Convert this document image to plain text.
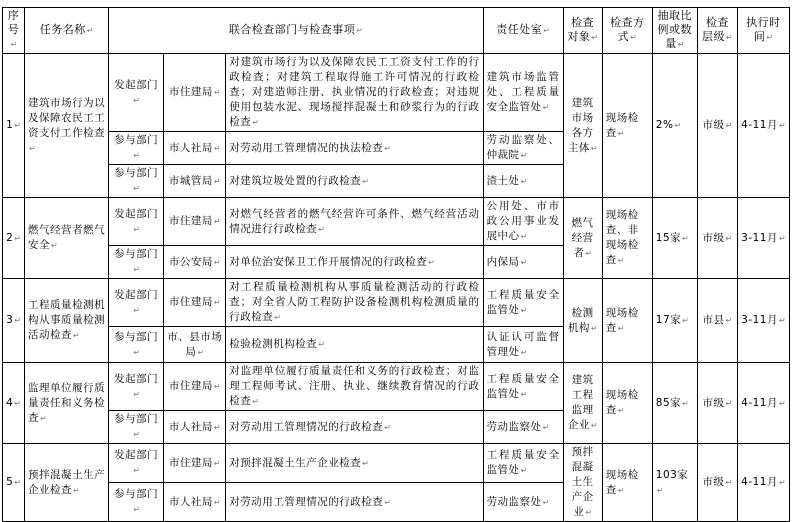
序号 ↵	任务名称 ↵	联合检查部门与检查事项 ↵			责任处室 ↵	检查对象 ↵	检查方式 ↵	抽取比例或数量 ↵	检查层级 ↵	执行时间 ↵
1 ↵	建筑市场行为以及保障农民工工资支付工作检查 ↵	发起部门 ↵	市住建局 ↵	对建筑市场行为以及保障农民工工资支付工作的行政检查；对建筑工程取得施工许可情况的行政检查；对建造师注册、执业情况的行政检查；对违规使用包装水泥、现场搅拌混凝土和砂浆行为的行政检查 ↵	建筑市场监管处、工程质量安全监管处 ↵	建筑市场各方主体 ↵	现场检查 ↵	2% ↵	市级 ↵	4-11月 ↵
		参与部门 ↵	市人社局 ↵	对劳动用工管理情况的执法检查 ↵	劳动监察处、仲裁院 ↵
		参与部门 ↵	市城管局 ↵	对建筑垃圾处置的行政检查 ↵	渣土处 ↵
2 ↵	燃气经营者燃气安全 ↵	发起部门 ↵	市住建局 ↵	对燃气经营者的燃气经营许可条件、燃气经营活动情况进行行政检查 ↵	公用处、市市政公用事业发展中心 ↵	燃气经营者 ↵	现场检查、非现场检查 ↵	15家 ↵	市级 ↵	3-11月 ↵
		参与部门 ↵	市公安局 ↵	对单位治安保卫工作开展情况的行政检查 ↵	内保局 ↵
3 ↵	工程质量检测机构从事质量检测活动检查 ↵	发起部门 ↵	市住建局 ↵	对工程质量检测机构从事质量检测活动的行政检查；对全省人防工程防护设备检测机构检测质量的行政检查 ↵	工程质量安全监管处 ↵	检测机构 ↵	现场检查 ↵	17家 ↵	市县 ↵	3-11月 ↵
		参与部门 ↵	市、县市场局 ↵	检验检测机构检查 ↵	认证认可监督管理处 ↵
4 ↵	监理单位履行质量责任和义务检查 ↵	发起部门 ↵	市住建局 ↵	对监理单位履行质量责任和义务的行政检查；对监理工程师考试、注册、执业、继续教育情况的行政检查 ↵	工程质量安全监管处 ↵	建筑工程监理企业 ↵	现场检查 ↵	85家 ↵	市级 ↵	4-11月 ↵
		参与部门 ↵	市人社局 ↵	对劳动用工管理情况的行政检查 ↵	劳动监察处 ↵
5 ↵	预拌混凝土生产企业检查 ↵	发起部门 ↵	市住建局 ↵	对预拌混凝土生产企业检查 ↵	工程质量安全监管处 ↵	预拌混凝土生产企业 ↵	现场检查 ↵	103家 ↵	市级 ↵	4-11月 ↵
		参与部门 ↵	市人社局 ↵	对劳动用工管理情况的行政检查 ↵	劳动监察处 ↵
